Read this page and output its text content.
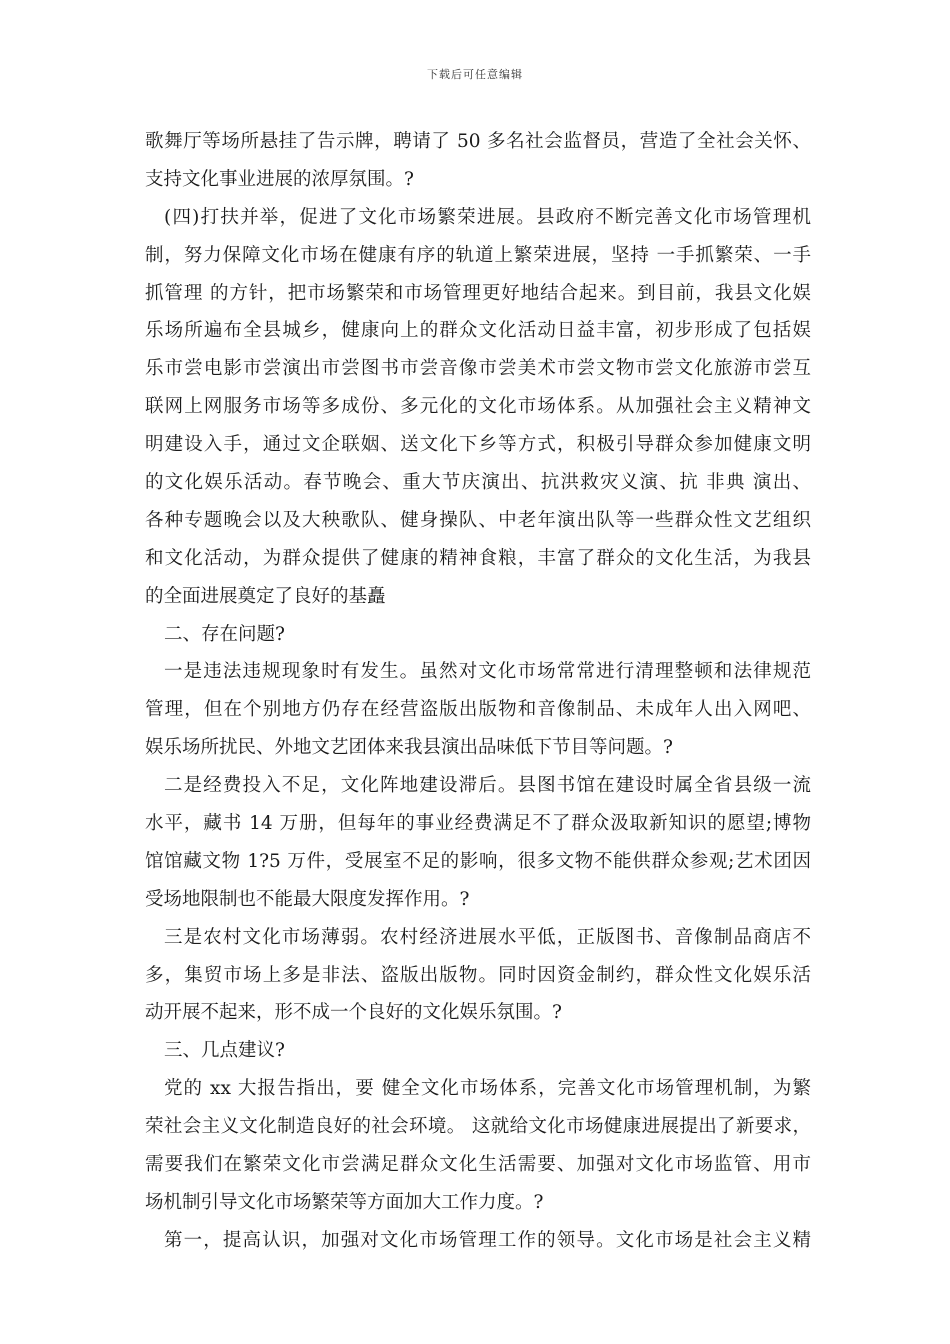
下载后可任意编辑
歌舞厅等场所悬挂了告示牌，聘请了 50 多名社会监督员，营造了全社会关怀、
支持文化事业进展的浓厚氛围。?
(四)打扶并举，促进了文化市场繁荣进展。县政府不断完善文化市场管理机
制，努力保障文化市场在健康有序的轨道上繁荣进展，坚持 一手抓繁荣、一手
抓管理 的方针，把市场繁荣和市场管理更好地结合起来。到目前，我县文化娱
乐场所遍布全县城乡，健康向上的群众文化活动日益丰富，初步形成了包括娱
乐市尝电影市尝演出市尝图书市尝音像市尝美术市尝文物市尝文化旅游市尝互
联网上网服务市场等多成份、多元化的文化市场体系。从加强社会主义精神文
明建设入手，通过文企联姻、送文化下乡等方式，积极引导群众参加健康文明
的文化娱乐活动。春节晚会、重大节庆演出、抗洪救灾义演、抗 非典 演出、
各种专题晚会以及大秧歌队、健身操队、中老年演出队等一些群众性文艺组织
和文化活动，为群众提供了健康的精神食粮，丰富了群众的文化生活，为我县
的全面进展奠定了良好的基矗
二、存在问题?
一是违法违规现象时有发生。虽然对文化市场常常进行清理整顿和法律规范
管理，但在个别地方仍存在经营盗版出版物和音像制品、未成年人出入网吧、
娱乐场所扰民、外地文艺团体来我县演出品味低下节目等问题。?
二是经费投入不足，文化阵地建设滞后。县图书馆在建设时属全省县级一流
水平，藏书 14 万册，但每年的事业经费满足不了群众汲取新知识的愿望;博物
馆馆藏文物 1?5 万件，受展室不足的影响，很多文物不能供群众参观;艺术团因
受场地限制也不能最大限度发挥作用。?
三是农村文化市场薄弱。农村经济进展水平低，正版图书、音像制品商店不
多，集贸市场上多是非法、盗版出版物。同时因资金制约，群众性文化娱乐活
动开展不起来，形不成一个良好的文化娱乐氛围。?
三、几点建议?
党的 xx 大报告指出，要 健全文化市场体系，完善文化市场管理机制，为繁
荣社会主义文化制造良好的社会环境。 这就给文化市场健康进展提出了新要求，
需要我们在繁荣文化市尝满足群众文化生活需要、加强对文化市场监管、用市
场机制引导文化市场繁荣等方面加大工作力度。?
第一，提高认识，加强对文化市场管理工作的领导。文化市场是社会主义精
